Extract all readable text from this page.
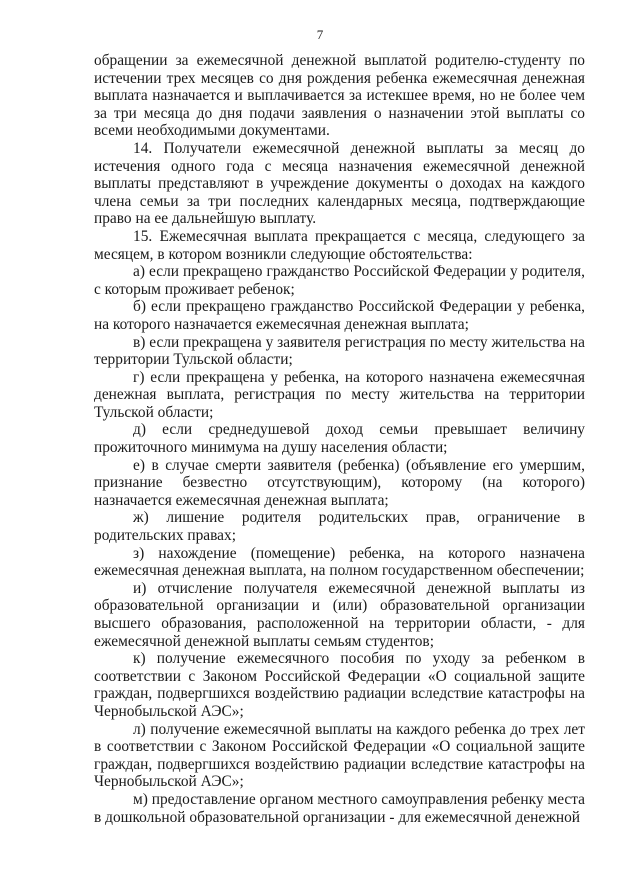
7

обращении за ежемесячной денежной выплатой родителю-студенту по истечении трех месяцев со дня рождения ребенка ежемесячная денежная выплата назначается и выплачивается за истекшее время, но не более чем за три месяца до дня подачи заявления о назначении этой выплаты со всеми необходимыми документами.

14. Получатели ежемесячной денежной выплаты за месяц до истечения одного года с месяца назначения ежемесячной денежной выплаты представляют в учреждение документы о доходах на каждого члена семьи за три последних календарных месяца, подтверждающие право на ее дальнейшую выплату.

15. Ежемесячная выплата прекращается с месяца, следующего за месяцем, в котором возникли следующие обстоятельства:

а) если прекращено гражданство Российской Федерации у родителя, с которым проживает ребенок;

б) если прекращено гражданство Российской Федерации у ребенка, на которого назначается ежемесячная денежная выплата;

в) если прекращена у заявителя регистрация по месту жительства на территории Тульской области;

г) если прекращена у ребенка, на которого назначена ежемесячная денежная выплата, регистрация по месту жительства на территории Тульской области;

д) если среднедушевой доход семьи превышает величину прожиточного минимума на душу населения области;

е) в случае смерти заявителя (ребенка) (объявление его умершим, признание безвестно отсутствующим), которому (на которого) назначается ежемесячная денежная выплата;

ж) лишение родителя родительских прав, ограничение в родительских правах;

з) нахождение (помещение) ребенка, на которого назначена ежемесячная денежная выплата, на полном государственном обеспечении;

и) отчисление получателя ежемесячной денежной выплаты из образовательной организации и (или) образовательной организации высшего образования, расположенной на территории области, - для ежемесячной денежной выплаты семьям студентов;

к) получение ежемесячного пособия по уходу за ребенком в соответствии с Законом Российской Федерации «О социальной защите граждан, подвергшихся воздействию радиации вследствие катастрофы на Чернобыльской АЭС»;

л) получение ежемесячной выплаты на каждого ребенка до трех лет в соответствии с Законом Российской Федерации «О социальной защите граждан, подвергшихся воздействию радиации вследствие катастрофы на Чернобыльской АЭС»;

м) предоставление органом местного самоуправления ребенку места в дошкольной образовательной организации - для ежемесячной денежной
